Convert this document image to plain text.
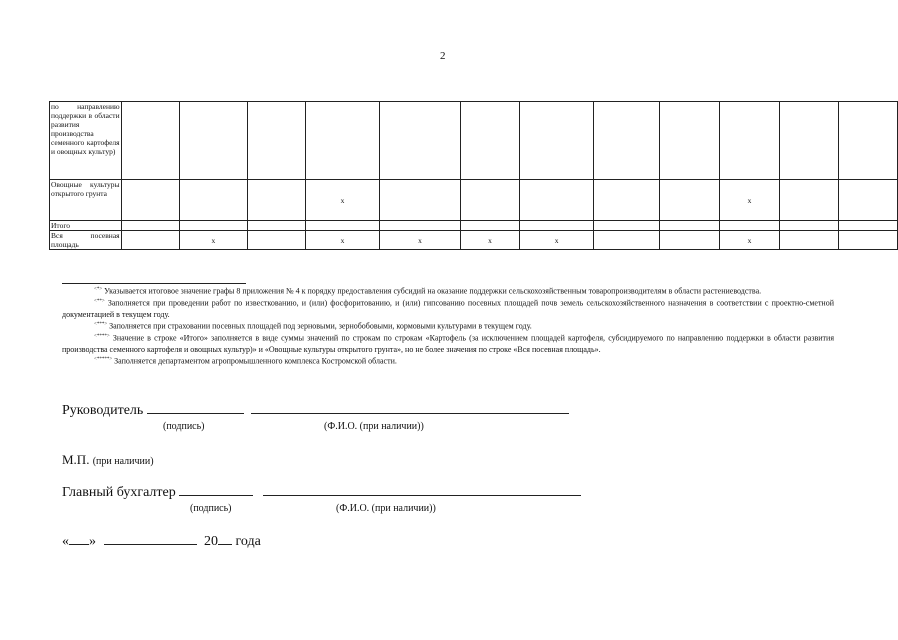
2
по направлению поддержки в области развития производства семенного картофеля и овощных культур)												
Овощные культуры открытого грунта				x						x		
Итого												
Вся посевная площадь		x		x	x	x	x			x		

<*> Указывается итоговое значение графы 8 приложения № 4 к порядку предоставления субсидий на оказание поддержки сельскохозяйственным товаропроизводителям в области растениеводства.

<**> Заполняется при проведении работ по известкованию, и (или) фосфоритованию, и (или) гипсованию посевных площадей почв земель сельскохозяйственного назначения в соответствии с проектно-сметной документацией в текущем году.

<***> Заполняется при страховании посевных площадей под зерновыми, зернобобовыми, кормовыми культурами в текущем году.

<****> Значение в строке «Итого» заполняется в виде суммы значений по строкам по строкам «Картофель (за исключением площадей картофеля, субсидируемого по направлению поддержки в области развития производства семенного картофеля и овощных культур)» и «Овощные культуры открытого грунта», но не более значения по строке «Вся посевная площадь».

<*****> Заполняется департаментом агропромышленного комплекса Костромской области.

Руководитель
(подпись)	(Ф.И.О. (при наличии))
М.П. (при наличии)
Главный бухгалтер
(подпись)	(Ф.И.О. (при наличии))
« »	20 года
